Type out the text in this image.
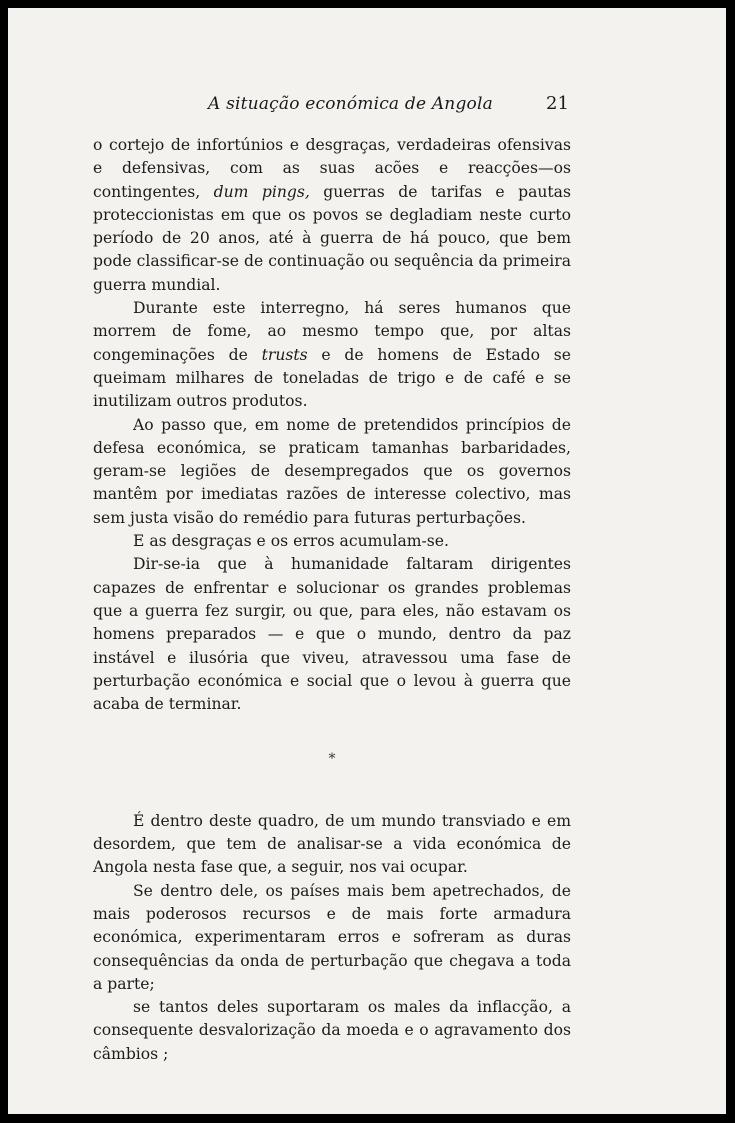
A situação económica de Angola	21

o cortejo de infortúnios e desgraças, verdadeiras ofensivas e defensivas, com as suas acões e reacções—os contingentes, dum pings, guerras de tarifas e pautas proteccionistas em que os povos se degladiam neste curto período de 20 anos, até à guerra de há pouco, que bem pode classificar-se de continuação ou sequência da primeira guerra mundial.

Durante este interregno, há seres humanos que morrem de fome, ao mesmo tempo que, por altas congeminações de trusts e de homens de Estado se queimam milhares de toneladas de trigo e de café e se inutilizam outros produtos.

Ao passo que, em nome de pretendidos princípios de defesa económica, se praticam tamanhas barbaridades, geram-se legiões de desempregados que os governos mantêm por imediatas razões de interesse colectivo, mas sem justa visão do remédio para futuras perturbações.

E as desgraças e os erros acumulam-se.

Dir-se-ia que à humanidade faltaram dirigentes capazes de enfrentar e solucionar os grandes problemas que a guerra fez surgir, ou que, para eles, não estavam os homens preparados — e que o mundo, dentro da paz instável e ilusória que viveu, atravessou uma fase de perturbação económica e social que o levou à guerra que acaba de terminar.

*

É dentro deste quadro, de um mundo transviado e em desordem, que tem de analisar-se a vida económica de Angola nesta fase que, a seguir, nos vai ocupar.

Se dentro dele, os países mais bem apetrechados, de mais poderosos recursos e de mais forte armadura económica, experimentaram erros e sofreram as duras consequências da onda de perturbação que chegava a toda a parte;

se tantos deles suportaram os males da inflacção, a consequente desvalorização da moeda e o agravamento dos câmbios ;
